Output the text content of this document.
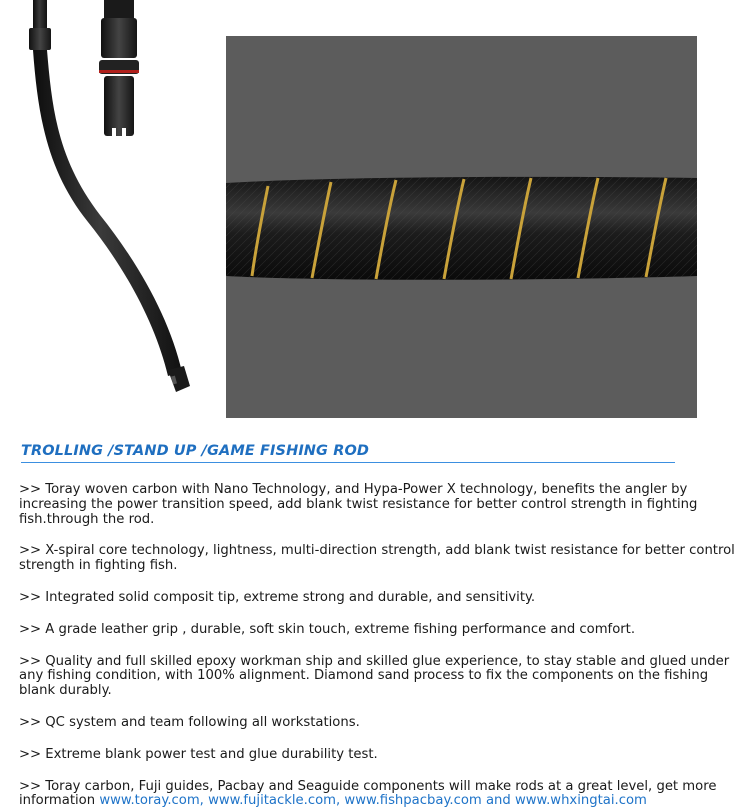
TROLLING /STAND UP /GAME FISHING ROD

>> Toray woven carbon with Nano Technology, and Hypa-Power X technology, benefits the angler by increasing the power transition speed, add blank twist resistance for better control strength in fighting fish.through the rod.

>> X-spiral core technology, lightness, multi-direction strength, add blank twist resistance for better control strength in fighting fish.

>> Integrated solid composit tip, extreme strong and durable, and sensitivity.

>> A grade leather grip , durable, soft skin touch, extreme fishing performance and comfort.

>> Quality and full skilled epoxy workman ship and skilled glue experience, to stay stable and glued under any fishing condition, with 100% alignment. Diamond sand process to fix the components on the fishing blank durably.

>> QC system and team following all workstations.

>> Extreme blank power test and glue durability test.

>> Toray carbon, Fuji guides, Pacbay and Seaguide components will make rods at a great level, get more information www.toray.com, www.fujitackle.com, www.fishpacbay.com and www.whxingtai.com
